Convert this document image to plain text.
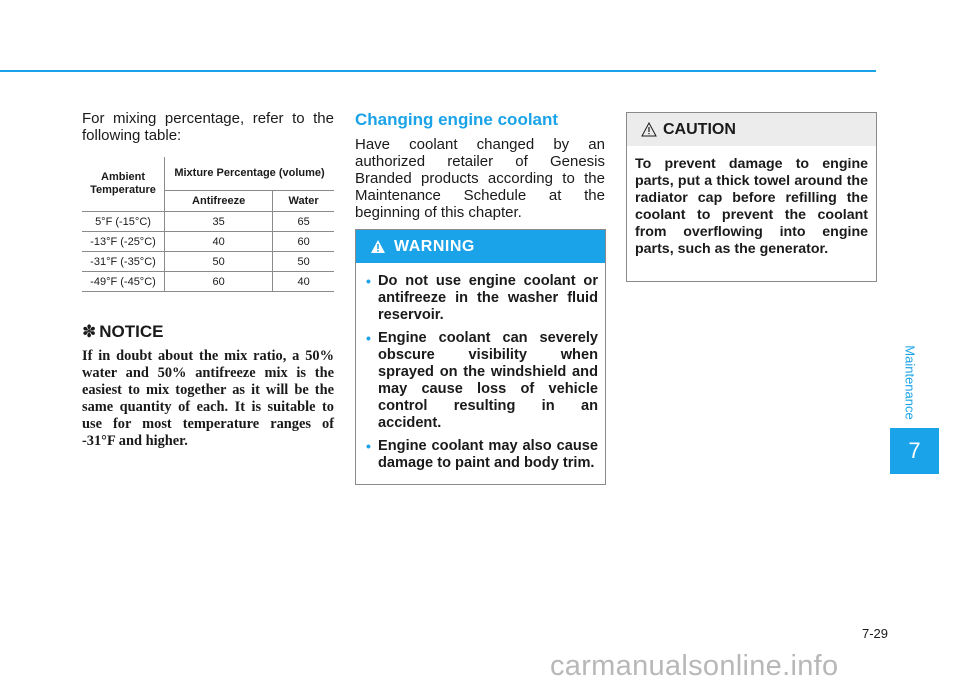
For mixing percentage, refer to the following table:

Ambient Temperature	Mixture Percentage (volume)	
	Antifreeze	Water
5°F (-15°C)	35	65
-13°F (-25°C)	40	60
-31°F (-35°C)	50	50
-49°F (-45°C)	60	40
✽ NOTICE
If in doubt about the mix ratio, a 50% water and 50% antifreeze mix is the easiest to mix together as it will be the same quantity of each. It is suitable to use for most temperature ranges of -31°F and higher.
Changing engine coolant
Have coolant changed by an authorized retailer of Genesis Branded products according to the Maintenance Schedule at the beginning of this chapter.
WARNING
• Do not use engine coolant or antifreeze in the washer fluid reservoir.
• Engine coolant can severely obscure visibility when sprayed on the windshield and may cause loss of vehicle control resulting in an accident.
• Engine coolant may also cause damage to paint and body trim.
CAUTION
To prevent damage to engine parts, put a thick towel around the radiator cap before refilling the coolant to prevent the coolant from overflowing into engine parts, such as the generator.
Maintenance
7
7-29
carmanualsonline.info
